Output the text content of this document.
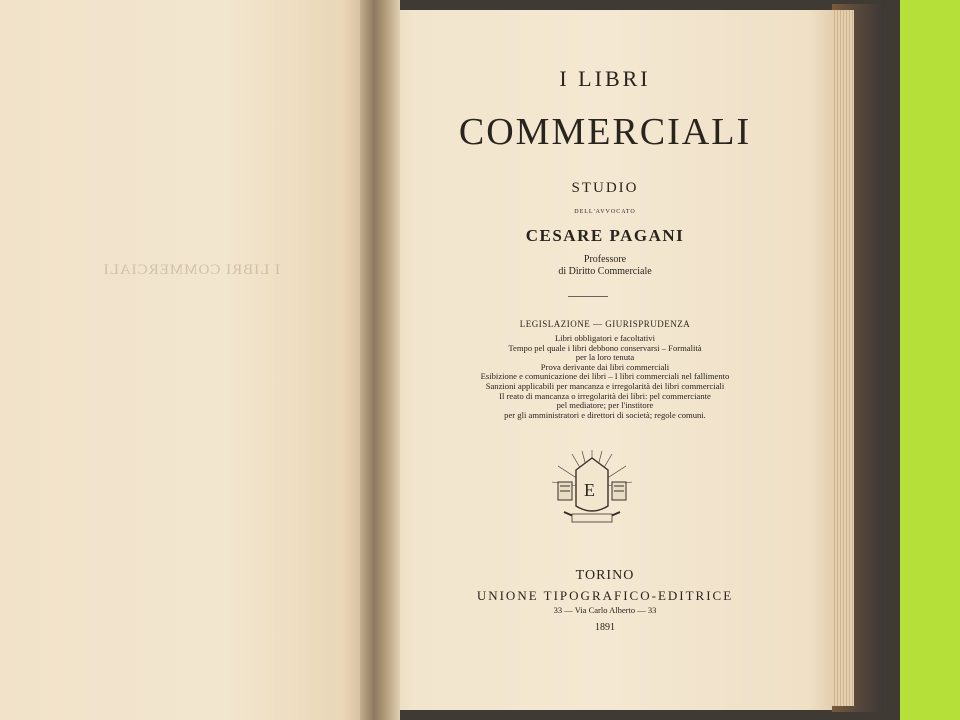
I LIBRI COMMERCIALI
I LIBRI
COMMERCIALI
STUDIO
DELL'AVVOCATO
CESARE PAGANI
Professore
di Diritto Commerciale
LEGISLAZIONE — GIURISPRUDENZA
Libri obbligatori e facoltativi
Tempo pel quale i libri debbono conservarsi – Formalità
per la loro tenuta
Prova derivante dai libri commerciali
Esibizione e comunicazione dei libri – I libri commerciali nel fallimento
Sanzioni applicabili per mancanza e irregolarità dei libri commerciali
Il reato di mancanza o irregolarità dei libri: pel commerciante
pel mediatore; per l'institore
per gli amministratori e direttori di società; regole comuni.
E
TORINO
UNIONE TIPOGRAFICO-EDITRICE
33 — Via Carlo Alberto — 33
1891
